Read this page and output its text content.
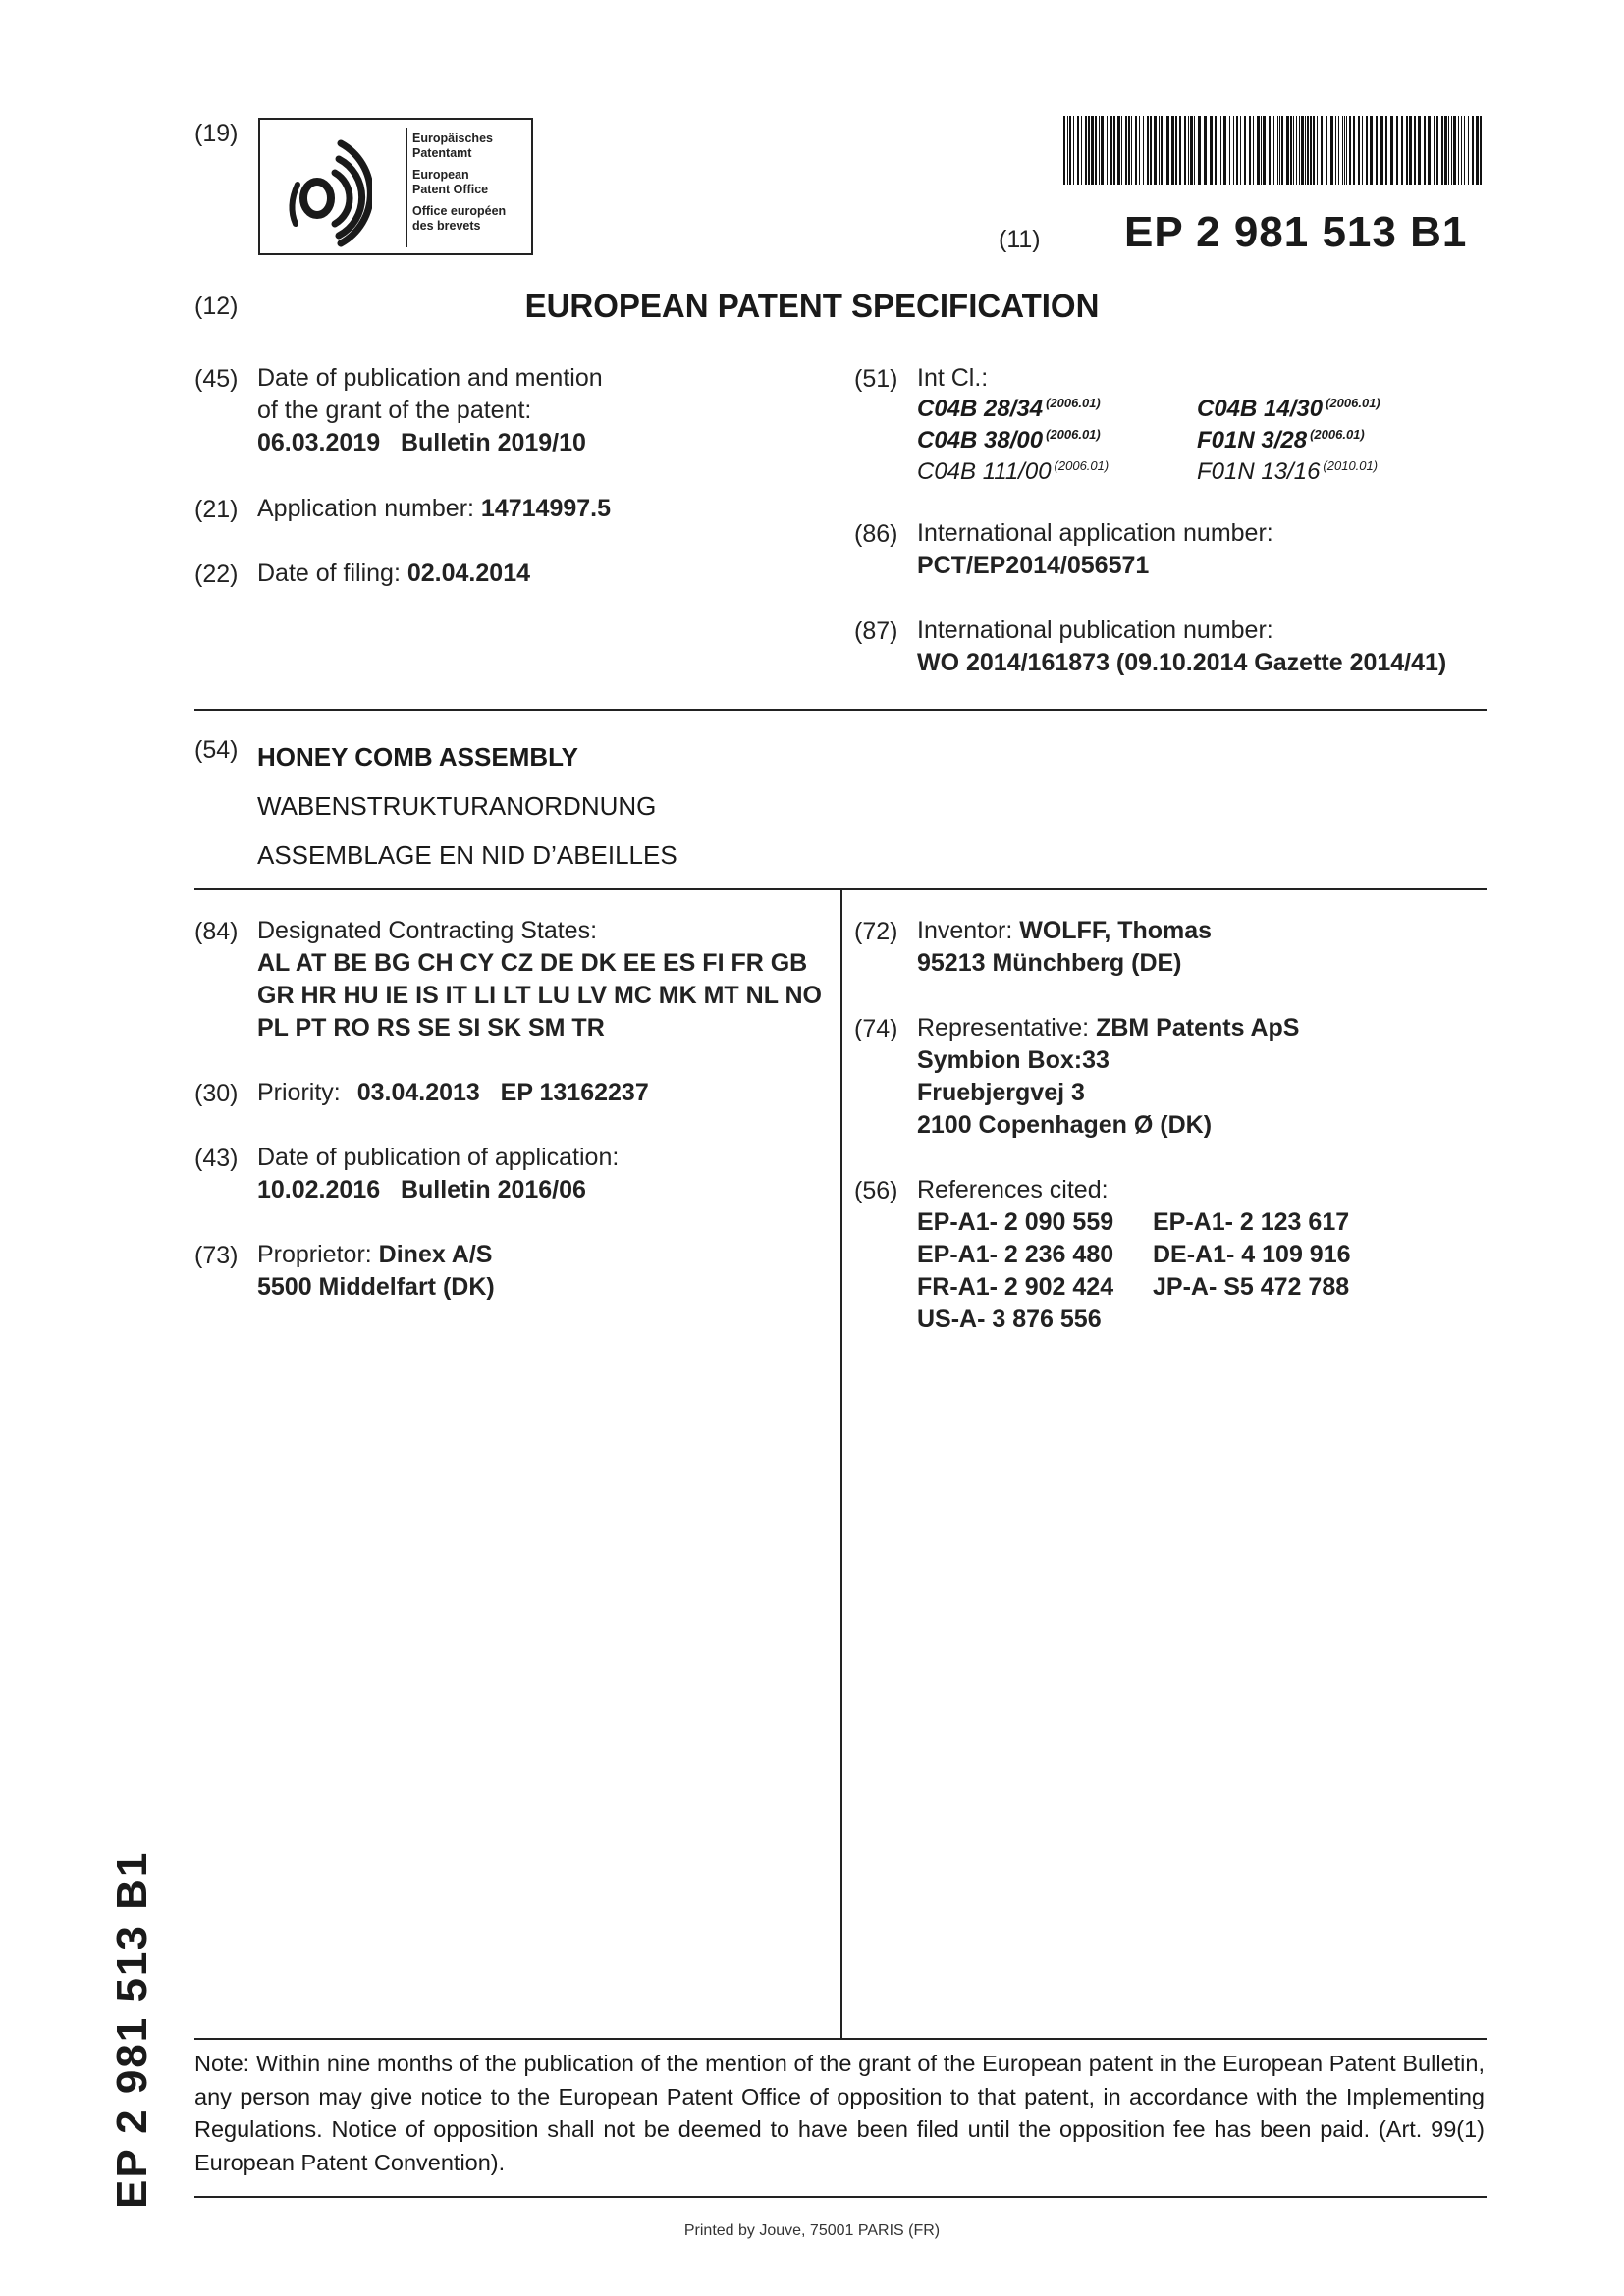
(19)	Europäisches
Patentamt
European
Patent Office
Office européen
des brevets	(11) EP 2 981 513 B1
(12)	EUROPEAN PATENT SPECIFICATION
(45) Date of publication and mention
of the grant of the patent:
06.03.2019   Bulletin 2019/10
(21) Application number: 14714997.5
(22) Date of filing: 02.04.2014
(51) Int Cl.:
C04B 28/34 $^{(2006.01)}$	C04B 14/30 $^{(2006.01)}$
C04B 38/00 $^{(2006.01)}$	F01N 3/28 $^{(2006.01)}$
C04B 111/00 $^{(2006.01)}$	F01N 13/16 $^{(2010.01)}$
(86) International application number:
PCT/EP2014/056571
(87) International publication number:
WO 2014/161873 (09.10.2014 Gazette 2014/41)
(54) HONEY COMB ASSEMBLY
WABENSTRUKTURANORDNUNG
ASSEMBLAGE EN NID D’ABEILLES
(84) Designated Contracting States:
AL AT BE BG CH CY CZ DE DK EE ES FI FR GB
GR HR HU IE IS IT LI LT LU LV MC MK MT NL NO
PL PT RO RS SE SI SK SM TR
(30) Priority: 03.04.2013   EP 13162237
(43) Date of publication of application:
10.02.2016   Bulletin 2016/06
(73) Proprietor: Dinex A/S
5500 Middelfart (DK)
(72) Inventor: WOLFF, Thomas
95213 Münchberg (DE)
(74) Representative: ZBM Patents ApS
Symbion Box:33
Fruebjergvej 3
2100 Copenhagen Ø (DK)
(56) References cited:
EP-A1- 2 090 559 EP-A1- 2 123 617
EP-A1- 2 236 480 DE-A1- 4 109 916
FR-A1- 2 902 424 JP-A- S5 472 788
US-A- 3 876 556
EP 2 981 513 B1 Note: Within nine months of the publication of the mention of the grant of the European patent in the European Patent Bulletin, any person may give notice to the European Patent Office of opposition to that patent, in accordance with the Implementing Regulations. Notice of opposition shall not be deemed to have been filed until the opposition fee has been paid. (Art. 99(1) European Patent Convention).
Printed by Jouve, 75001 PARIS (FR)
